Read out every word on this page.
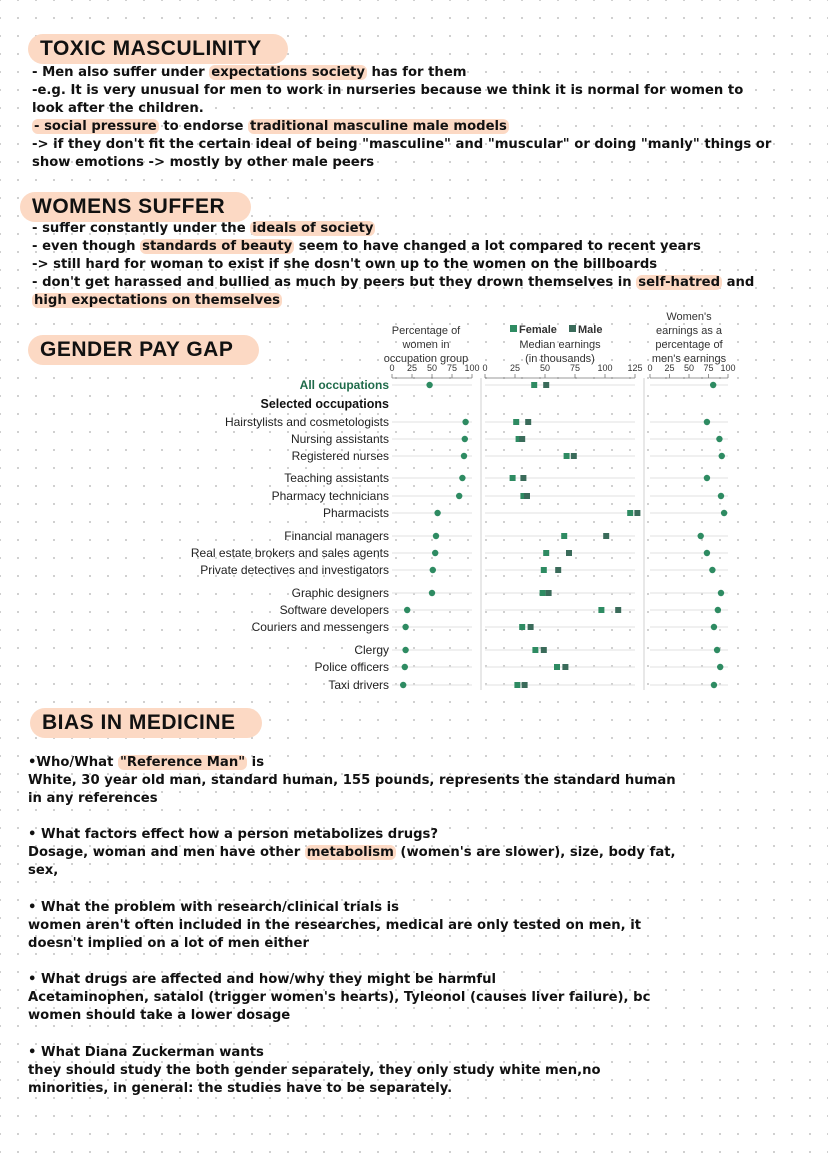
TOXIC MASCULINITY
- Men also suffer under expectations society has for them
-e.g. It is very unusual for men to work in nurseries because we think it is normal for women to
look after the children.
- social pressure to endorse traditional masculine male models
-> if they don't fit the certain ideal of being "masculine" and "muscular" or doing "manly" things or
show emotions -> mostly by other male peers
WOMENS SUFFER
- suffer constantly under the ideals of society
- even though standards of beauty seem to have changed a lot compared to recent years
-> still hard for woman to exist if she dosn't own up to the women on the billboards
- don't get harassed and bullied as much by peers but they drown themselves in self-hatred and
high expectations on themselves
GENDER PAY GAP
Percentage of
women in
occupation group
Women's
earnings as a
percentage of
men's earnings
Female Male
Median earnings
(in thousands)
0 25 50 75 100 0 25 50 75 100 125 0 25 50 75 100
Selected occupations
All occupations
Hairstylists and cosmetologists
Nursing assistants
Registered nurses
Teaching assistants
Pharmacy technicians
Pharmacists
Financial managers
Real estate brokers and sales agents
Private detectives and investigators
Graphic designers
Software developers
Couriers and messengers
Clergy
Police officers
Taxi drivers
BIAS IN MEDICINE
•Who/What "Reference Man" is
White, 30 year old man, standard human, 155 pounds, represents the standard human
in any references
• What factors effect how a person metabolizes drugs?
Dosage, woman and men have other metabolism (women's are slower), size, body fat,
sex,
• What the problem with research/clinical trials is
women aren't often included in the researches, medical are only tested on men, it
doesn't implied on a lot of men either
• What drugs are affected and how/why they might be harmful
Acetaminophen, satalol (trigger women's hearts), Tyleonol (causes liver failure), bc
women should take a lower dosage
• What Diana Zuckerman wants
they should study the both gender separately, they only study white men,no
minorities, in general: the studies have to be separately.
